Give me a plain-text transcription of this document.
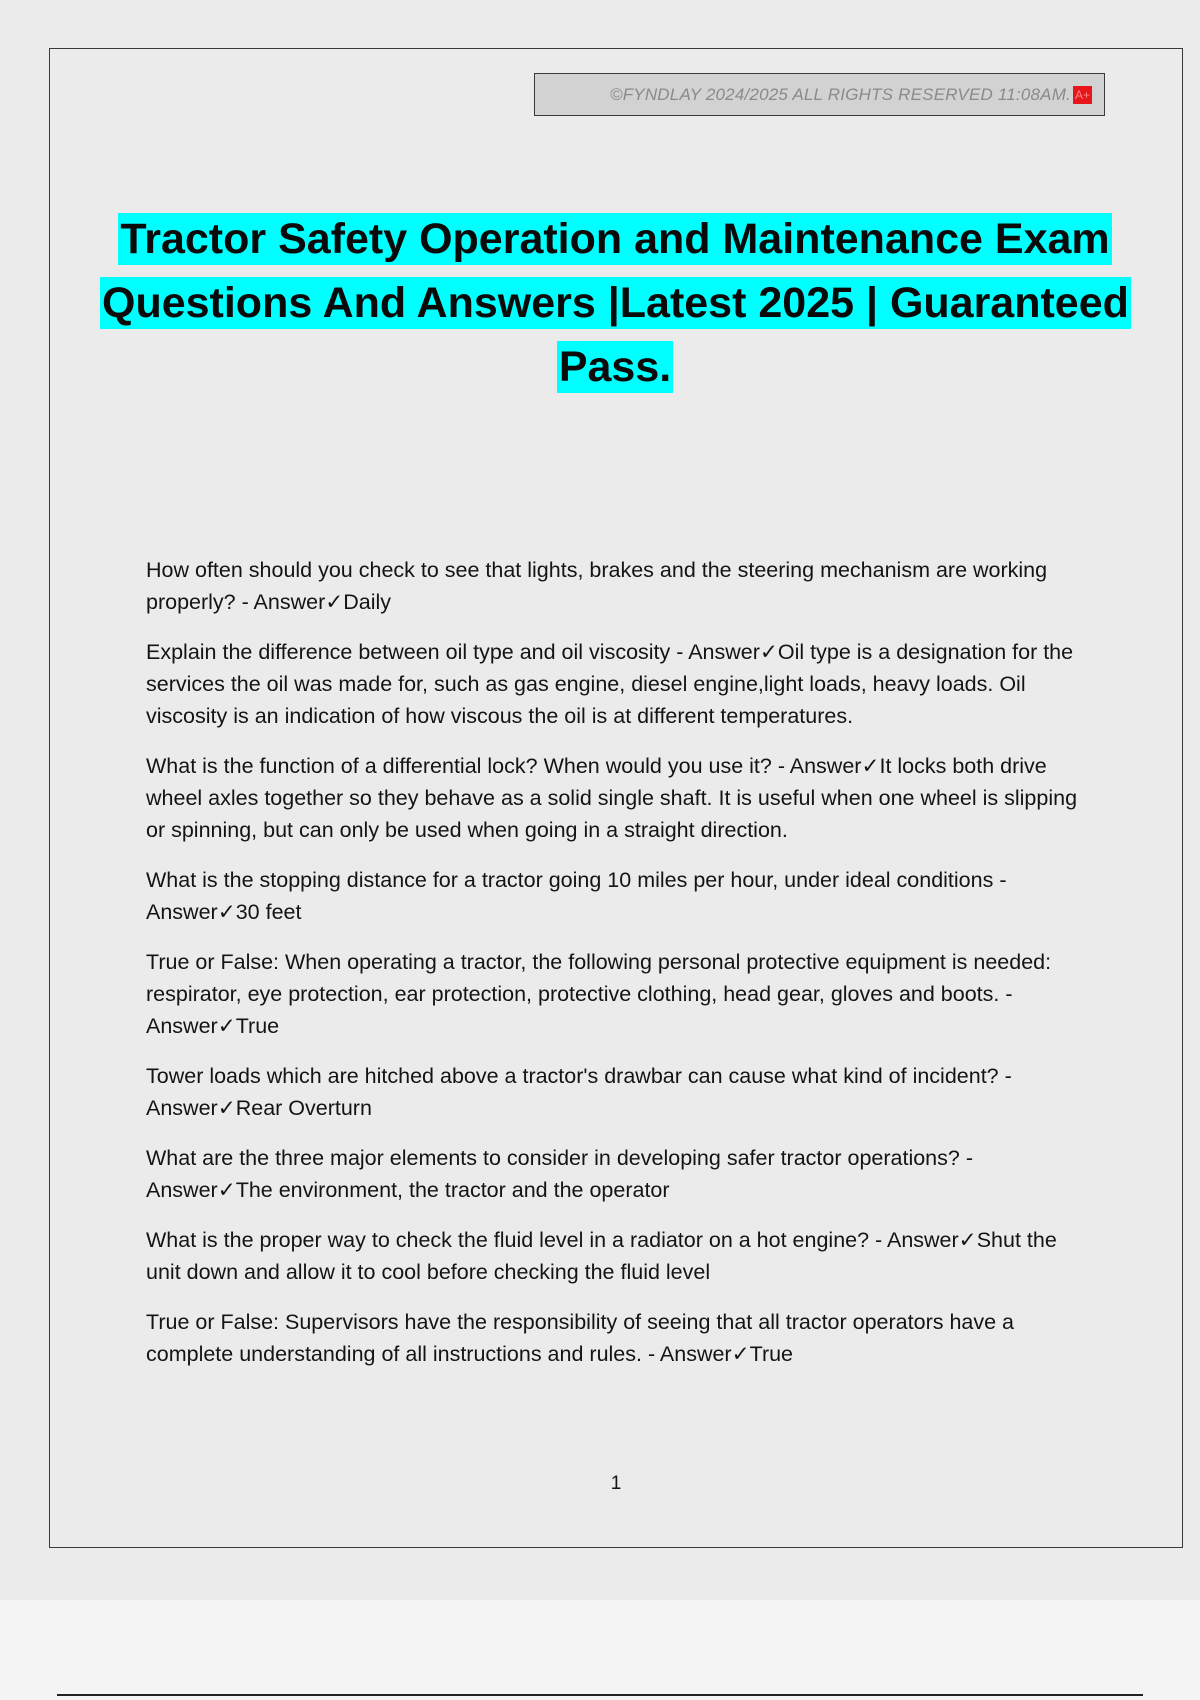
©FYNDLAY 2024/2025 ALL RIGHTS RESERVED 11:08AM. A+
Tractor Safety Operation and Maintenance Exam Questions And Answers |Latest 2025 | Guaranteed Pass.

How often should you check to see that lights, brakes and the steering mechanism are working properly? - Answer✓Daily

Explain the difference between oil type and oil viscosity - Answer✓Oil type is a designation for the services the oil was made for, such as gas engine, diesel engine,light loads, heavy loads. Oil viscosity is an indication of how viscous the oil is at different temperatures.

What is the function of a differential lock? When would you use it? - Answer✓It locks both drive wheel axles together so they behave as a solid single shaft. It is useful when one wheel is slipping or spinning, but can only be used when going in a straight direction.

What is the stopping distance for a tractor going 10 miles per hour, under ideal conditions - Answer✓30 feet

True or False: When operating a tractor, the following personal protective equipment is needed: respirator, eye protection, ear protection, protective clothing, head gear, gloves and boots. - Answer✓True

Tower loads which are hitched above a tractor's drawbar can cause what kind of incident? - Answer✓Rear Overturn

What are the three major elements to consider in developing safer tractor operations? - Answer✓The environment, the tractor and the operator

What is the proper way to check the fluid level in a radiator on a hot engine? - Answer✓Shut the unit down and allow it to cool before checking the fluid level

True or False: Supervisors have the responsibility of seeing that all tractor operators have a complete understanding of all instructions and rules. - Answer✓True

1
